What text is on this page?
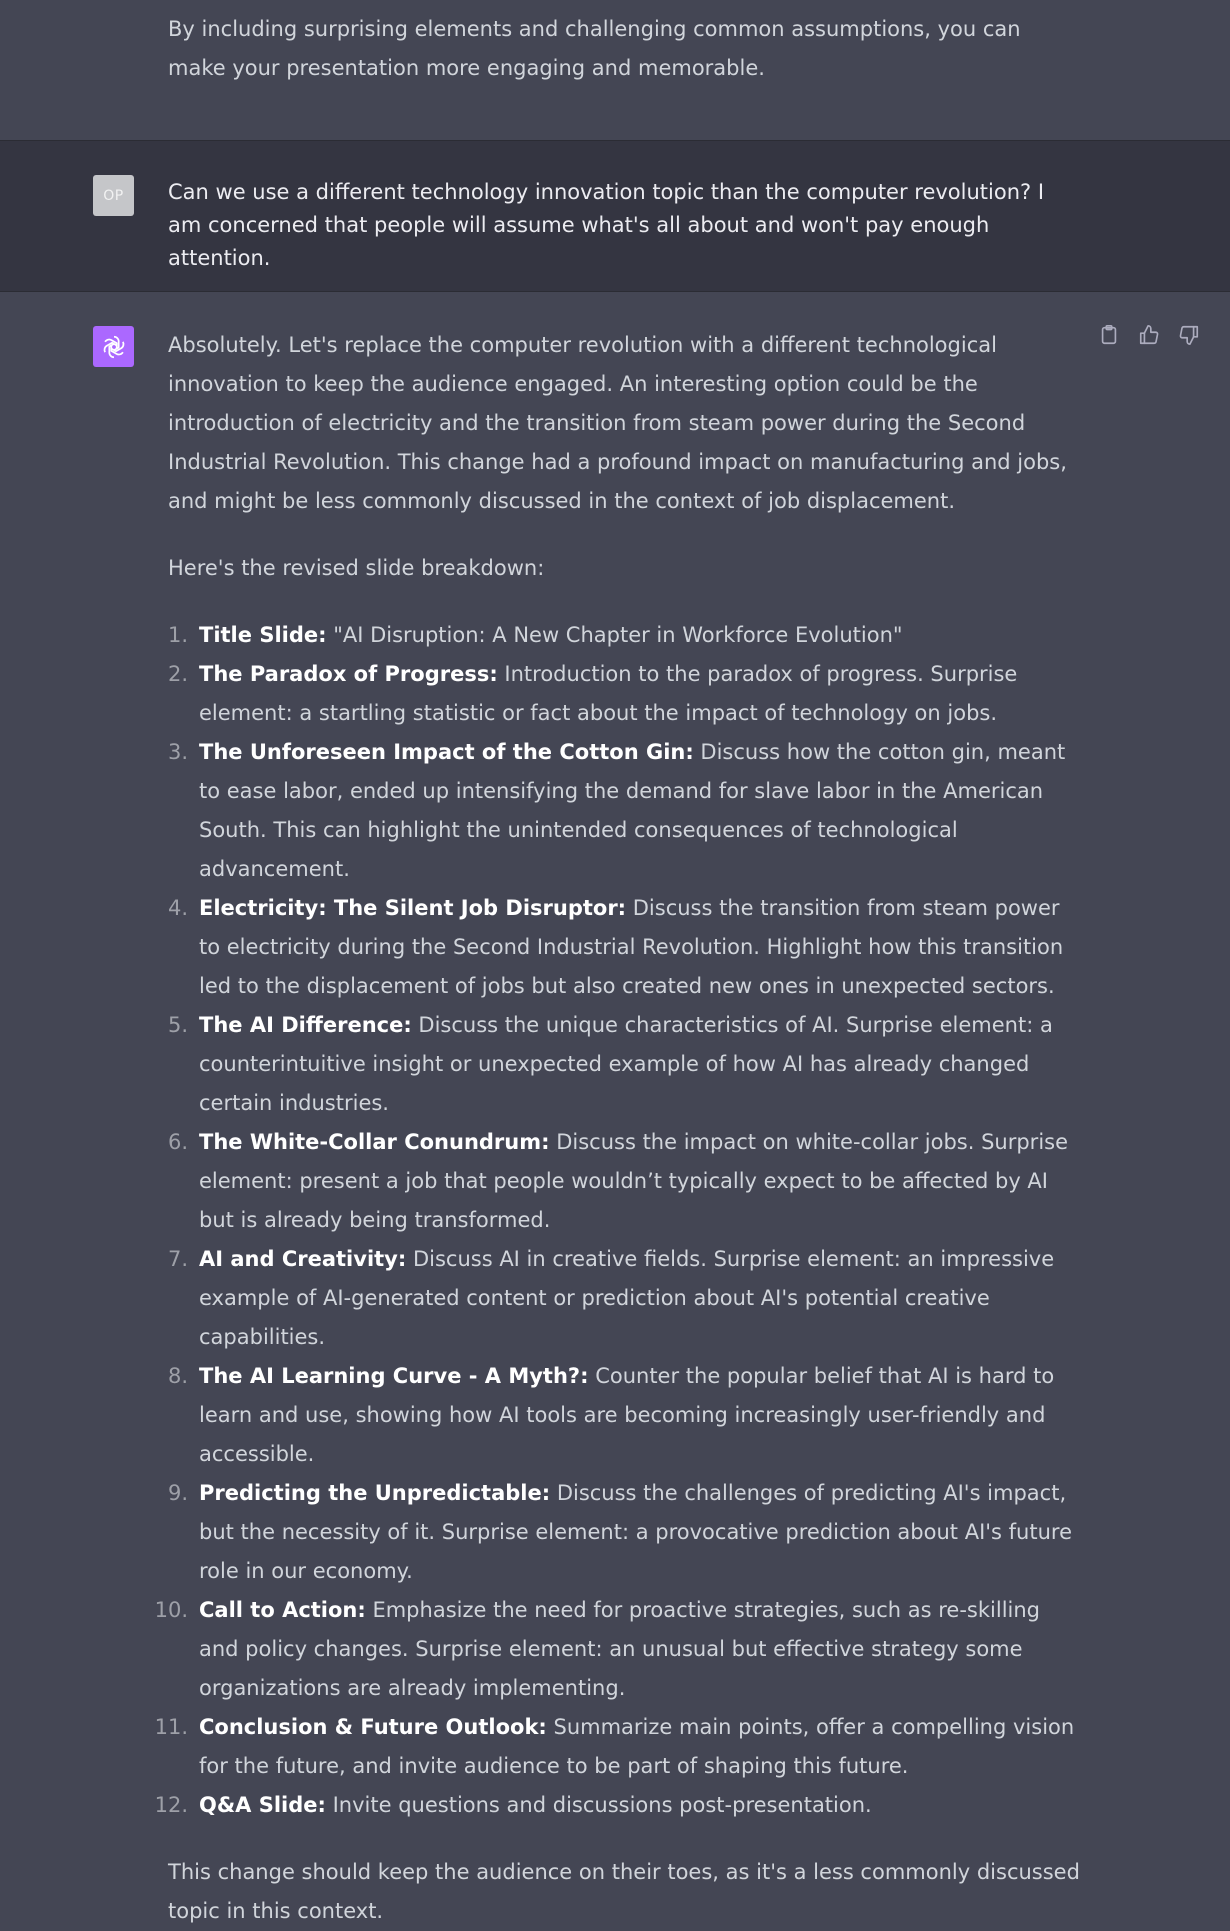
By including surprising elements and challenging common assumptions, you can make your presentation more engaging and memorable.
OP	Can we use a different technology innovation topic than the computer revolution? I am concerned that people will assume what's all about and won't pay enough attention.

Absolutely. Let's replace the computer revolution with a different technological innovation to keep the audience engaged. An interesting option could be the introduction of electricity and the transition from steam power during the Second Industrial Revolution. This change had a profound impact on manufacturing and jobs, and might be less commonly discussed in the context of job displacement.

Here's the revised slide breakdown:

1. Title Slide: "AI Disruption: A New Chapter in Workforce Evolution"
2. The Paradox of Progress: Introduction to the paradox of progress. Surprise element: a startling statistic or fact about the impact of technology on jobs.
3. The Unforeseen Impact of the Cotton Gin: Discuss how the cotton gin, meant to ease labor, ended up intensifying the demand for slave labor in the American South. This can highlight the unintended consequences of technological advancement.
4. Electricity: The Silent Job Disruptor: Discuss the transition from steam power to electricity during the Second Industrial Revolution. Highlight how this transition led to the displacement of jobs but also created new ones in unexpected sectors.
5. The AI Difference: Discuss the unique characteristics of AI. Surprise element: a counterintuitive insight or unexpected example of how AI has already changed certain industries.
6. The White-Collar Conundrum: Discuss the impact on white-collar jobs. Surprise element: present a job that people wouldn’t typically expect to be affected by AI but is already being transformed.
7. AI and Creativity: Discuss AI in creative fields. Surprise element: an impressive example of AI-generated content or prediction about AI's potential creative capabilities.
8. The AI Learning Curve - A Myth?: Counter the popular belief that AI is hard to learn and use, showing how AI tools are becoming increasingly user-friendly and accessible.
9. Predicting the Unpredictable: Discuss the challenges of predicting AI's impact, but the necessity of it. Surprise element: a provocative prediction about AI's future role in our economy.
10. Call to Action: Emphasize the need for proactive strategies, such as re-skilling and policy changes. Surprise element: an unusual but effective strategy some organizations are already implementing.
11. Conclusion & Future Outlook: Summarize main points, offer a compelling vision for the future, and invite audience to be part of shaping this future.
12. Q&A Slide: Invite questions and discussions post-presentation.

This change should keep the audience on their toes, as it's a less commonly discussed topic in this context.
